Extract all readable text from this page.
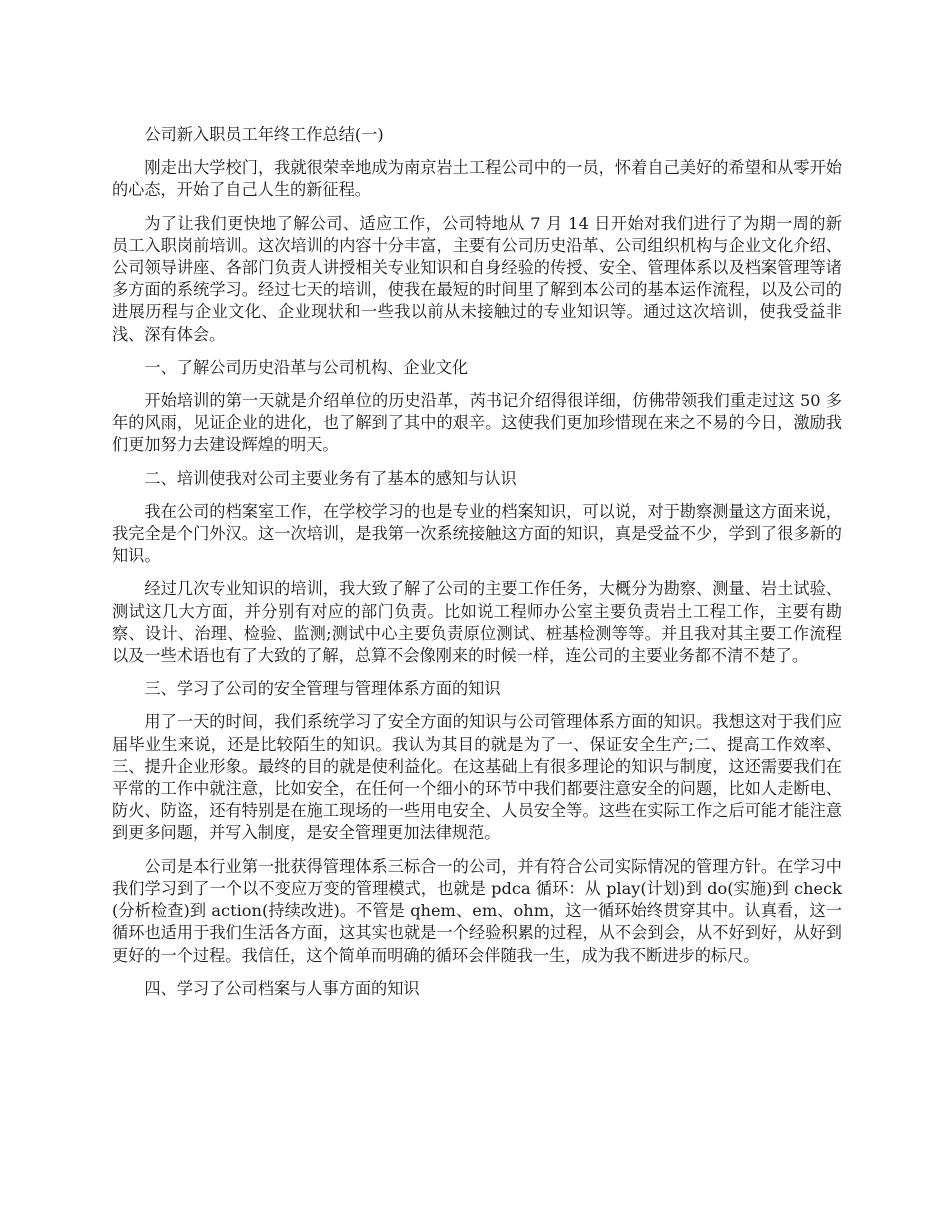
公司新入职员工年终工作总结(一)

刚走出大学校门，我就很荣幸地成为南京岩土工程公司中的一员，怀着自己美好的希望和从零开始的心态，开始了自己人生的新征程。

为了让我们更快地了解公司、适应工作，公司特地从 7 月 14 日开始对我们进行了为期一周的新员工入职岗前培训。这次培训的内容十分丰富，主要有公司历史沿革、公司组织机构与企业文化介绍、公司领导讲座、各部门负责人讲授相关专业知识和自身经验的传授、安全、管理体系以及档案管理等诸多方面的系统学习。经过七天的培训，使我在最短的时间里了解到本公司的基本运作流程，以及公司的进展历程与企业文化、企业现状和一些我以前从未接触过的专业知识等。通过这次培训，使我受益非浅、深有体会。

一、了解公司历史沿革与公司机构、企业文化

开始培训的第一天就是介绍单位的历史沿革，芮书记介绍得很详细，仿佛带领我们重走过这 50 多年的风雨，见证企业的进化，也了解到了其中的艰辛。这使我们更加珍惜现在来之不易的今日，激励我们更加努力去建设辉煌的明天。

二、培训使我对公司主要业务有了基本的感知与认识

我在公司的档案室工作，在学校学习的也是专业的档案知识，可以说，对于勘察测量这方面来说，我完全是个门外汉。这一次培训，是我第一次系统接触这方面的知识，真是受益不少，学到了很多新的知识。

经过几次专业知识的培训，我大致了解了公司的主要工作任务，大概分为勘察、测量、岩土试验、测试这几大方面，并分别有对应的部门负责。比如说工程师办公室主要负责岩土工程工作，主要有勘察、设计、治理、检验、监测;测试中心主要负责原位测试、桩基检测等等。并且我对其主要工作流程以及一些术语也有了大致的了解，总算不会像刚来的时候一样，连公司的主要业务都不清不楚了。

三、学习了公司的安全管理与管理体系方面的知识

用了一天的时间，我们系统学习了安全方面的知识与公司管理体系方面的知识。我想这对于我们应届毕业生来说，还是比较陌生的知识。我认为其目的就是为了一、保证安全生产;二、提高工作效率、三、提升企业形象。最终的目的就是使利益化。在这基础上有很多理论的知识与制度，这还需要我们在平常的工作中就注意，比如安全，在任何一个细小的环节中我们都要注意安全的问题，比如人走断电、防火、防盗，还有特别是在施工现场的一些用电安全、人员安全等。这些在实际工作之后可能才能注意到更多问题，并写入制度，是安全管理更加法律规范。

公司是本行业第一批获得管理体系三标合一的公司，并有符合公司实际情况的管理方针。在学习中我们学习到了一个以不变应万变的管理模式，也就是 pdca 循环：从 play(计划)到 do(实施)到 check(分析检查)到 action(持续改进)。不管是 qhem、em、ohm，这一循环始终贯穿其中。认真看，这一循环也适用于我们生活各方面，这其实也就是一个经验积累的过程，从不会到会，从不好到好，从好到更好的一个过程。我信任，这个简单而明确的循环会伴随我一生，成为我不断进步的标尺。

四、学习了公司档案与人事方面的知识
